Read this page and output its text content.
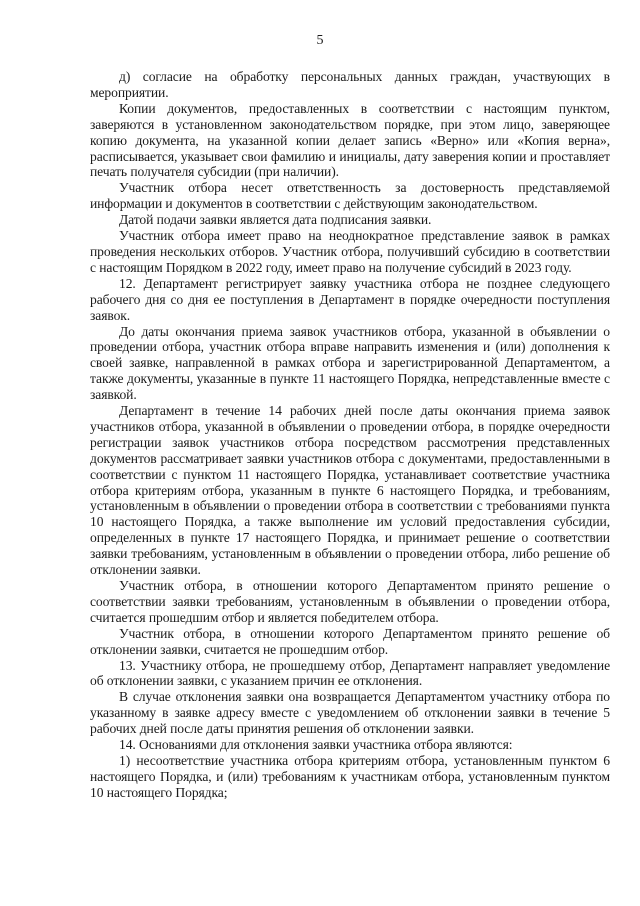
5

д) согласие на обработку персональных данных граждан, участвующих в мероприятии.

Копии документов, предоставленных в соответствии с настоящим пунктом, заверяются в установленном законодательством порядке, при этом лицо, заверяющее копию документа, на указанной копии делает запись «Верно» или «Копия верна», расписывается, указывает свои фамилию и инициалы, дату заверения копии и проставляет печать получателя субсидии (при наличии).

Участник отбора несет ответственность за достоверность представляемой информации и документов в соответствии с действующим законодательством.

Датой подачи заявки является дата подписания заявки.

Участник отбора имеет право на неоднократное представление заявок в рамках проведения нескольких отборов. Участник отбора, получивший субсидию в соответствии с настоящим Порядком в 2022 году, имеет право на получение субсидий в 2023 году.

12. Департамент регистрирует заявку участника отбора не позднее следующего рабочего дня со дня ее поступления в Департамент в порядке очередности поступления заявок.

До даты окончания приема заявок участников отбора, указанной в объявлении о проведении отбора, участник отбора вправе направить изменения и (или) дополнения к своей заявке, направленной в рамках отбора и зарегистрированной Департаментом, а также документы, указанные в пункте 11 настоящего Порядка, непредставленные вместе с заявкой.

Департамент в течение 14 рабочих дней после даты окончания приема заявок участников отбора, указанной в объявлении о проведении отбора, в порядке очередности регистрации заявок участников отбора посредством рассмотрения представленных документов рассматривает заявки участников отбора с документами, предоставленными в соответствии с пунктом 11 настоящего Порядка, устанавливает соответствие участника отбора критериям отбора, указанным в пункте 6 настоящего Порядка, и требованиям, установленным в объявлении о проведении отбора в соответствии с требованиями пункта 10 настоящего Порядка, а также выполнение им условий предоставления субсидии, определенных в пункте 17 настоящего Порядка, и принимает решение о соответствии заявки требованиям, установленным в объявлении о проведении отбора, либо решение об отклонении заявки.

Участник отбора, в отношении которого Департаментом принято решение о соответствии заявки требованиям, установленным в объявлении о проведении отбора, считается прошедшим отбор и является победителем отбора.

Участник отбора, в отношении которого Департаментом принято решение об отклонении заявки, считается не прошедшим отбор.

13. Участнику отбора, не прошедшему отбор, Департамент направляет уведомление об отклонении заявки, с указанием причин ее отклонения.

В случае отклонения заявки она возвращается Департаментом участнику отбора по указанному в заявке адресу вместе с уведомлением об отклонении заявки в течение 5 рабочих дней после даты принятия решения об отклонении заявки.

14. Основаниями для отклонения заявки участника отбора являются:

1) несоответствие участника отбора критериям отбора, установленным пунктом 6 настоящего Порядка, и (или) требованиям к участникам отбора, установленным пунктом 10 настоящего Порядка;
